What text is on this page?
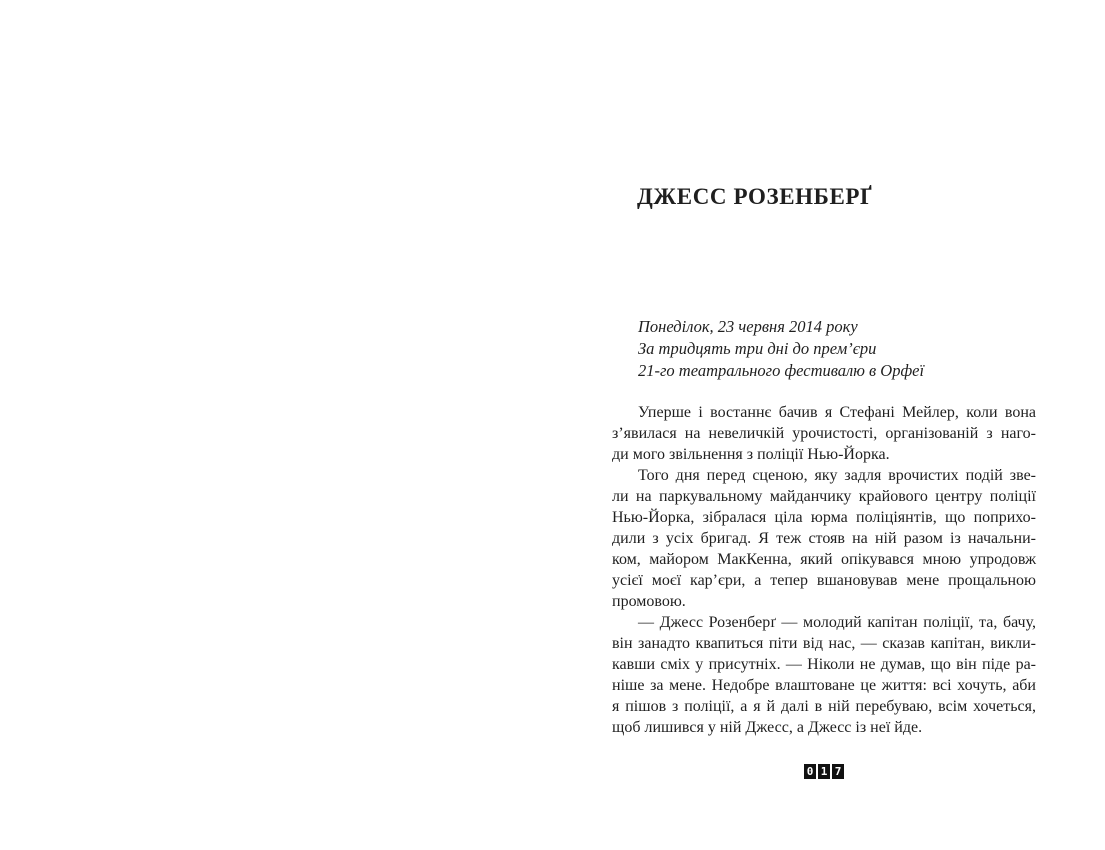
ДЖЕСС РОЗЕНБЕРҐ
Понеділок, 23 червня 2014 року
За тридцять три дні до прем’єри
21-го театрального фестивалю в Орфеї

Уперше і востаннє бачив я Стефані Мейлер, коли вона
з’явилася на невеличкій урочистості, організованій з наго-
ди мого звільнення з поліції Нью-Йорка.

Того дня перед сценою, яку задля врочистих подій зве-
ли на паркувальному майданчику крайового центру поліції
Нью-Йорка, зібралася ціла юрма поліціянтів, що поприхо-
дили з усіх бригад. Я теж стояв на ній разом із начальни-
ком, майором МакКенна, який опікувався мною упродовж
усієї моєї кар’єри, а тепер вшановував мене прощальною
промовою.

— Джесс Розенберґ — молодий капітан поліції, та, бачу,
він занадто квапиться піти від нас, — сказав капітан, викли-
кавши сміх у присутніх. — Ніколи не думав, що він піде ра-
ніше за мене. Недобре влаштоване це життя: всі хочуть, аби
я пішов з поліції, а я й далі в ній перебуваю, всім хочеться,
щоб лишився у ній Джесс, а Джесс із неї йде.

0 1 7
